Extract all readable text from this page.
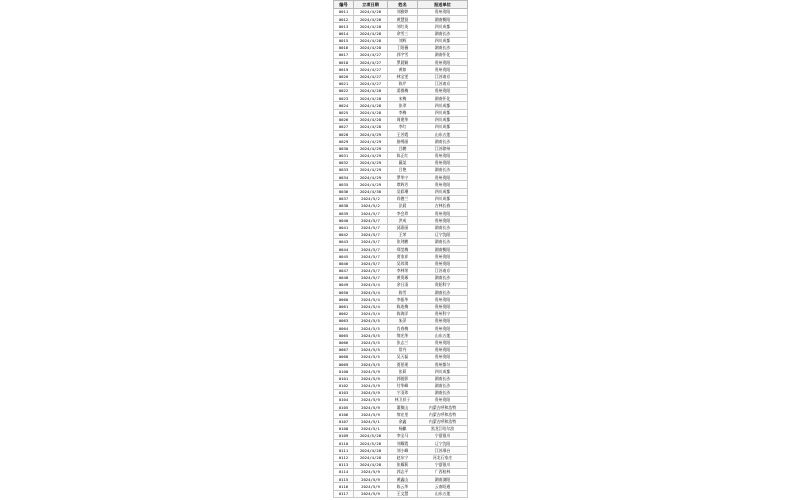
编号	立项日期	姓名	报送单位
0011	2024/4/28	刘雅婷	贵州贵阳
0012	2024/4/28	黄慧贤	湖南衡阳
0013	2024/4/28	刘红英	四川成都
0014	2024/4/28	余雪三	湖南长沙
0015	2024/4/28	刘辉	四川成都
0016	2024/4/28	丁阳薇	湖南长沙
0017	2024/4/27	郭宇雪	湖南怀化
0018	2024/4/27	罗晨颖	贵州贵阳
0019	2024/4/27	黄如	贵州贵阳
0020	2024/4/27	林宝雯	江苏南京
0021	2024/4/27	陈芹	江苏南京
0022	2024/4/28	姜群梅	贵州贵阳
0023	2024/4/28	宋梅	湖南怀化
0024	2024/4/28	张翠	四川成都
0025	2024/4/28	李梅	四川成都
0026	2024/4/28	周建华	四川成都
0027	2024/4/28	李红	四川成都
0028	2024/4/29	王芳霞	山东五莲
0029	2024/4/29	骆绣丽	湖南长沙
0030	2024/4/29	吕鹏	江苏徐州
0031	2024/4/29	陈正红	贵州贵阳
0032	2024/4/29	薩某	贵州贵阳
0033	2024/4/29	吕艳	湖南长沙
0034	2024/4/29	罗华宁	贵州贵阳
0035	2024/4/29	覃辉芳	贵州贵阳
0036	2024/4/30	吴彩璀	四川成都
0037	2024/5/2	尚德兰	四川成都
0038	2024/5/2	法晨	吉林长春
0039	2024/5/7	李会珍	贵州贵阳
0040	2024/5/7	洪成	贵州贵阳
0041	2024/5/7	邱嘉丽	湖南长沙
0042	2024/5/7	王荣	辽宁沈阳
0043	2024/5/7	张剑鹏	湖南长沙
0044	2024/5/7	郑莹梅	湖南衡阳
0045	2024/5/7	贾家祥	贵州贵阳
0046	2024/5/7	吴玮琪	贵州贵阳
0047	2024/5/7	李林荣	江苏南京
0048	2024/5/7	黄贵琢	湖南长沙
0049	2024/5/4	余日清	贵阳科宁
0050	2024/5/4	陈雪	湖南长沙
0060	2024/5/4	李振华	贵州贵阳
0061	2024/5/4	陈连梅	贵州贵阳
0062	2024/5/4	陈海洋	贵州科宁
0063	2024/5/5	朱萍	贵州贵阳
0064	2024/5/5	肖春梅	贵州贵阳
0065	2024/5/5	黎光华	山东五莲
0066	2024/5/5	张志兰	贵州贵阳
0067	2024/5/5	常丹	贵州贵阳
0068	2024/5/5	吴天磊	贵州贵阳
0069	2024/5/5	贾景瑶	贵州都匀
0100	2024/5/9	张莉	四川成都
0101	2024/5/9	郭骏影	湖南长沙
0102	2024/5/9	付华峰	湖南长沙
0103	2024/5/9	宁羽玮	湖南长沙
0104	2024/5/9	林卫祥子	贵州贵阳
0105	2024/5/9	董敏山	内蒙古呼和浩特
0106	2024/5/9	黎宏里	内蒙古呼和浩特
0107	2024/5/1	余鑫	内蒙古呼和浩特
0108	2024/5/1	杨麒	黑龙江哈尔滨
0109	2024/5/28	李宝马	宁夏银川
0110	2024/5/28	刘耀霞	辽宁沈阳
0111	2024/4/28	刘小峰	江苏邢台
0112	2024/4/28	赵东宁	河北石家庄
0113	2024/4/28	张耀莉	宁夏银川
0114	2024/5/9	郭志平	广西桂林
0115	2024/5/9	黄鑫山	湖南浏阳
0116	2024/5/9	陈云华	云南昭通
0117	2024/5/9	王文慧	山东五莲
